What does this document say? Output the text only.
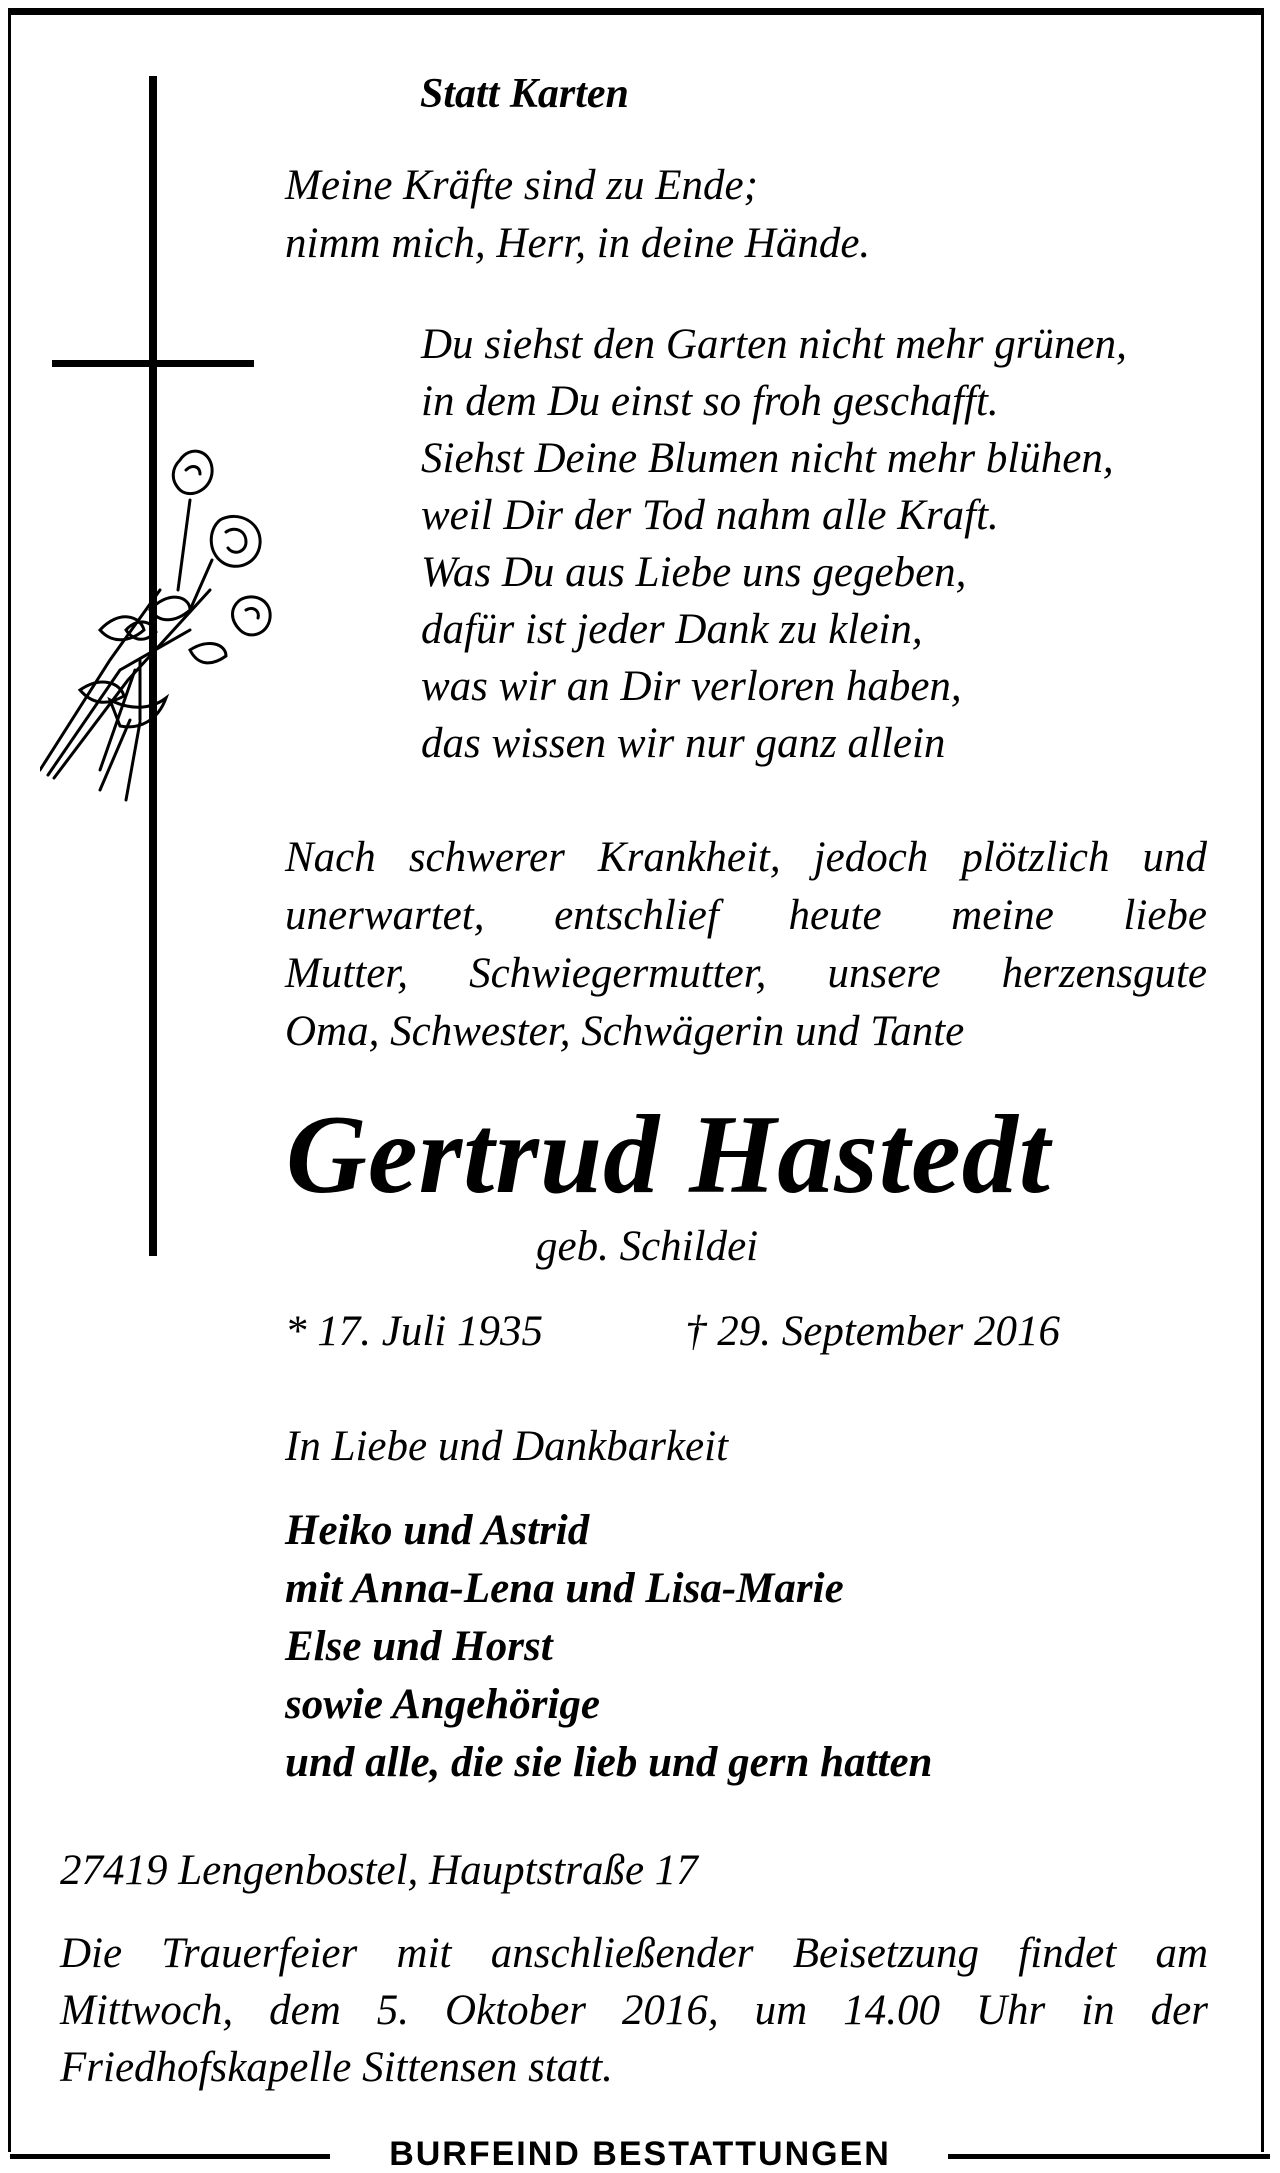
Statt Karten
Meine Kräfte sind zu Ende;
nimm mich, Herr, in deine Hände.
Du siehst den Garten nicht mehr grünen,
in dem Du einst so froh geschafft.
Siehst Deine Blumen nicht mehr blühen,
weil Dir der Tod nahm alle Kraft.
Was Du aus Liebe uns gegeben,
dafür ist jeder Dank zu klein,
was wir an Dir verloren haben,
das wissen wir nur ganz allein
Nach schwerer Krankheit, jedoch plötzlich und
unerwartet, entschlief heute meine liebe
Mutter, Schwiegermutter, unsere herzensgute
Oma, Schwester, Schwägerin und Tante
Gertrud Hastedt
geb. Schildei
* 17. Juli 1935	† 29. September 2016
In Liebe und Dankbarkeit
Heiko und Astrid
mit Anna-Lena und Lisa-Marie
Else und Horst
sowie Angehörige
und alle, die sie lieb und gern hatten
27419 Lengenbostel, Hauptstraße 17
Die Trauerfeier mit anschließender Beisetzung findet am
Mittwoch, dem 5. Oktober 2016, um 14.00 Uhr in der
Friedhofskapelle Sittensen statt.
BURFEIND BESTATTUNGEN
